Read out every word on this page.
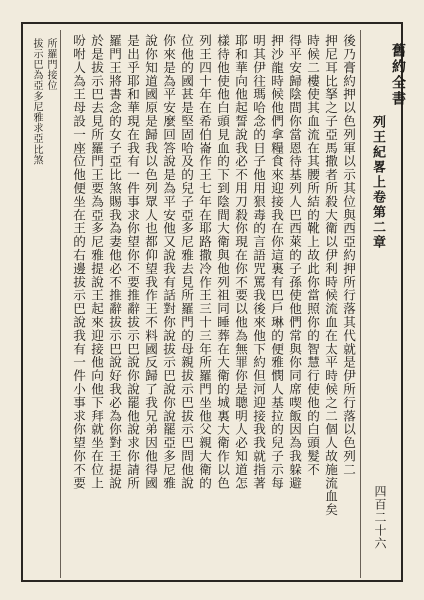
舊約全書
列王紀畧上卷第二章
四百二十六
後乃膏約押以色列軍以示其位與西亞約押所行落其代就是伊所行落以色列二
押尼耳比拏之子亞馬撒者所殺大衛以伊利時候流血在太平時候之二個人故施流血矣
時候二樓使其血流在其腰所結的靴上故此你當照你的智慧行使他的白頭髮不
得平安歸陰間你當恩待基列人巴西萊的子孫使他們常與你同席喫飯因為我躲避
押沙龍時候他們拿糧食來迎接我在你這裏有巴戶琳的便雅憫人基拉的兒子示每
明其伊往瑪哈念的日子他用狠毒的言語咒罵我後來他下約但河迎接我我就指著
耶和華向他起誓說我必不用刀殺你現在你不要以他為無罪你是聰明人必知道怎
樣待他使他白頭見血的下到陰間大衛與他列祖同睡葬在大衛的城裏大衛作以色
列王四十年在希伯崙作王七年在耶路撒冷作王三十三年所羅門坐他父親大衛的
位他的國甚是堅固哈及的兒子亞多尼雅去見所羅門的母親拔示巴拔示巴問他說
你來是為平安麼回答說是為平安他又說我有話對你說拔示巴說你說罷亞多尼雅
說你知道國原是歸我以色列眾人也都仰望我作王不料國反歸了我兄弟因他得國
是出乎耶和華現在我有一件事求你望你不要推辭拔示巴說你說罷他說求你請所
羅門王將書念的女子亞比煞賜我為妻他必不推辭拔示巴說好我必為你對王提說
於是拔示巴去見所羅門王要為亞多尼雅提說王起來迎接他向他下拜就坐在位上
吩咐人為王母設一座位他便坐在王的右邊拔示巴說我有一件小事求你望你不要
所羅門接位
拔示巴為亞多尼雅求亞比煞
